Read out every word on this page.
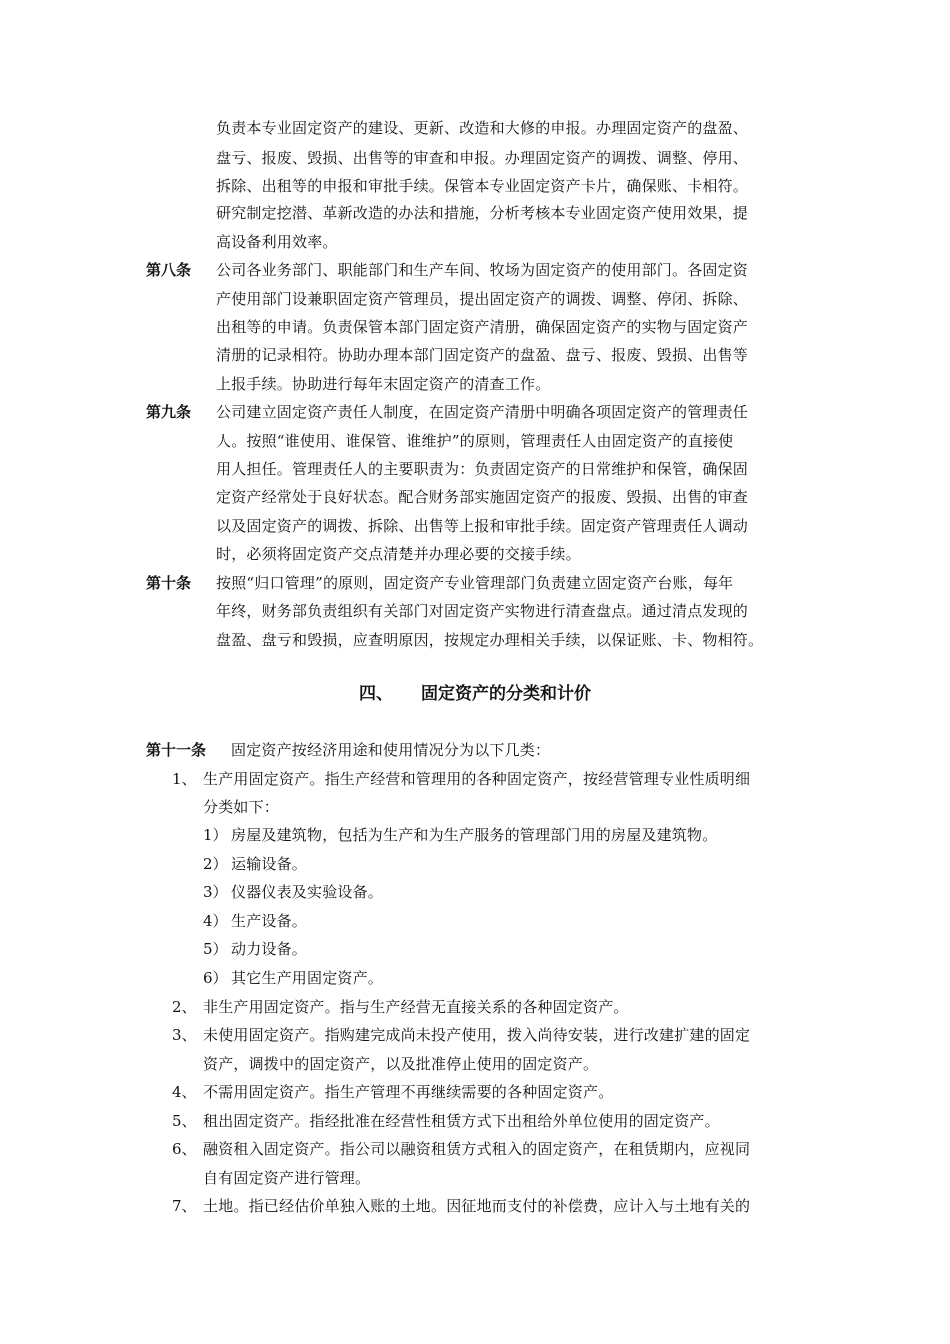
负责本专业固定资产的建设、更新、改造和大修的申报。办理固定资产的盘盈、
盘亏、报废、毁损、出售等的审查和申报。办理固定资产的调拨、调整、停用、
拆除、出租等的申报和审批手续。保管本专业固定资产卡片，确保账、卡相符。
研究制定挖潜、革新改造的办法和措施，分析考核本专业固定资产使用效果，提
高设备利用效率。
第八条 公司各业务部门、职能部门和生产车间、牧场为固定资产的使用部门。各固定资
产使用部门设兼职固定资产管理员，提出固定资产的调拨、调整、停闭、拆除、
出租等的申请。负责保管本部门固定资产清册，确保固定资产的实物与固定资产
清册的记录相符。协助办理本部门固定资产的盘盈、盘亏、报废、毁损、出售等
上报手续。协助进行每年末固定资产的清查工作。
第九条 公司建立固定资产责任人制度，在固定资产清册中明确各项固定资产的管理责任
人。按照“谁使用、谁保管、谁维护”的原则，管理责任人由固定资产的直接使
用人担任。管理责任人的主要职责为：负责固定资产的日常维护和保管，确保固
定资产经常处于良好状态。配合财务部实施固定资产的报废、毁损、出售的审查
以及固定资产的调拨、拆除、出售等上报和审批手续。固定资产管理责任人调动
时，必须将固定资产交点清楚并办理必要的交接手续。
第十条 按照“归口管理”的原则，固定资产专业管理部门负责建立固定资产台账，每年
年终，财务部负责组织有关部门对固定资产实物进行清查盘点。通过清点发现的
盘盈、盘亏和毁损，应查明原因，按规定办理相关手续，以保证账、卡、物相符。
四、 固定资产的分类和计价
第十一条 固定资产按经济用途和使用情况分为以下几类：
1、 生产用固定资产。指生产经营和管理用的各种固定资产，按经营管理专业性质明细
分类如下：
1） 房屋及建筑物，包括为生产和为生产服务的管理部门用的房屋及建筑物。
2） 运输设备。
3） 仪器仪表及实验设备。
4） 生产设备。
5） 动力设备。
6） 其它生产用固定资产。
2、 非生产用固定资产。指与生产经营无直接关系的各种固定资产。
3、 未使用固定资产。指购建完成尚未投产使用，拨入尚待安装，进行改建扩建的固定
资产，调拨中的固定资产，以及批准停止使用的固定资产。
4、 不需用固定资产。指生产管理不再继续需要的各种固定资产。
5、 租出固定资产。指经批准在经营性租赁方式下出租给外单位使用的固定资产。
6、 融资租入固定资产。指公司以融资租赁方式租入的固定资产，在租赁期内，应视同
自有固定资产进行管理。
7、 土地。指已经估价单独入账的土地。因征地而支付的补偿费，应计入与土地有关的
